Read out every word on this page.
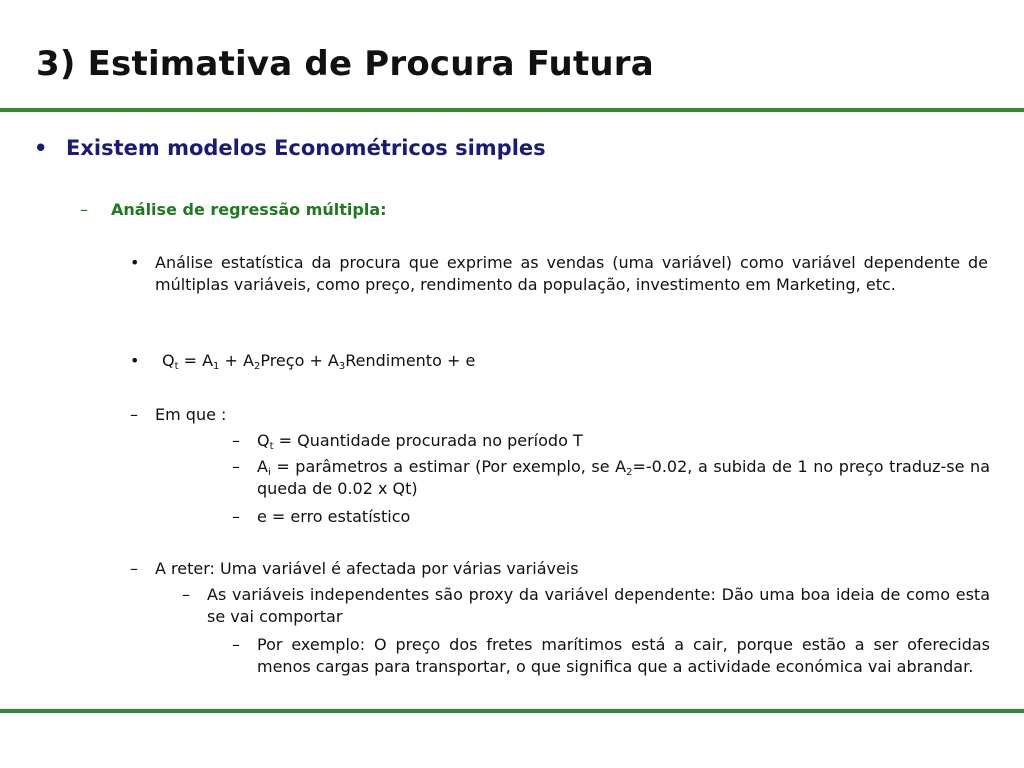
3) Estimativa de Procura Futura
• Existem modelos Econométricos simples
– Análise de regressão múltipla:
• Análise estatística da procura que exprime as vendas (uma variável) como variável dependente de múltiplas variáveis, como preço, rendimento da população, investimento em Marketing, etc.
• $Q_t = A_1$ + $A_2Preço$ + $A_3Rendimento + e$
– Em que :
– $Q_t$ = Quantidade procurada no período T
– $A_i$ = parâmetros a estimar (Por exemplo, se $A_2=-0.02$, a subida de 1 no preço traduz-se na queda de 0.02 x Qt)
– e = erro estatístico
– A reter: Uma variável é afectada por várias variáveis
– As variáveis independentes são proxy da variável dependente: Dão uma boa ideia de como esta se vai comportar
– Por exemplo: O preço dos fretes marítimos está a cair, porque estão a ser oferecidas menos cargas para transportar, o que significa que a actividade económica vai abrandar.
